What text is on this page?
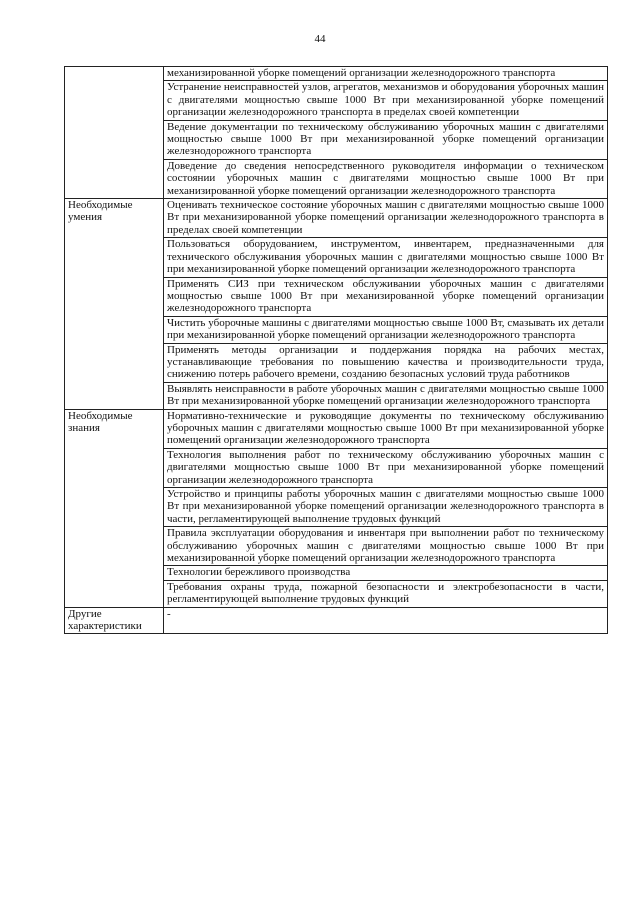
44
	механизированной уборке помещений организации железнодорожного транспорта
	Устранение неисправностей узлов, агрегатов, механизмов и оборудования уборочных машин с двигателями мощностью свыше 1000 Вт при механизированной уборке помещений организации железнодорожного транспорта в пределах своей компетенции
	Ведение документации по техническому обслуживанию уборочных машин с двигателями мощностью свыше 1000 Вт при механизированной уборке помещений организации железнодорожного транспорта
	Доведение до сведения непосредственного руководителя информации о техническом состоянии уборочных машин с двигателями мощностью свыше 1000 Вт при механизированной уборке помещений организации железнодорожного транспорта
Необходимые умения	Оценивать техническое состояние уборочных машин с двигателями мощностью свыше 1000 Вт при механизированной уборке помещений организации железнодорожного транспорта в пределах своей компетенции
	Пользоваться оборудованием, инструментом, инвентарем, предназначенными для технического обслуживания уборочных машин с двигателями мощностью свыше 1000 Вт при механизированной уборке помещений организации железнодорожного транспорта
	Применять СИЗ при техническом обслуживании уборочных машин с двигателями мощностью свыше 1000 Вт при механизированной уборке помещений организации железнодорожного транспорта
	Чистить уборочные машины с двигателями мощностью свыше 1000 Вт, смазывать их детали при механизированной уборке помещений организации железнодорожного транспорта
	Применять методы организации и поддержания порядка на рабочих местах, устанавливающие требования по повышению качества и производительности труда, снижению потерь рабочего времени, созданию безопасных условий труда работников
	Выявлять неисправности в работе уборочных машин с двигателями мощностью свыше 1000 Вт при механизированной уборке помещений организации железнодорожного транспорта
Необходимые знания	Нормативно-технические и руководящие документы по техническому обслуживанию уборочных машин с двигателями мощностью свыше 1000 Вт при механизированной уборке помещений организации железнодорожного транспорта
	Технология выполнения работ по техническому обслуживанию уборочных машин с двигателями мощностью свыше 1000 Вт при механизированной уборке помещений организации железнодорожного транспорта
	Устройство и принципы работы уборочных машин с двигателями мощностью свыше 1000 Вт при механизированной уборке помещений организации железнодорожного транспорта в части, регламентирующей выполнение трудовых функций
	Правила эксплуатации оборудования и инвентаря при выполнении работ по техническому обслуживанию уборочных машин с двигателями мощностью свыше 1000 Вт при механизированной уборке помещений организации железнодорожного транспорта
	Технологии бережливого производства
	Требования охраны труда, пожарной безопасности и электробезопасности в части, регламентирующей выполнение трудовых функций
Другие характеристики	-
